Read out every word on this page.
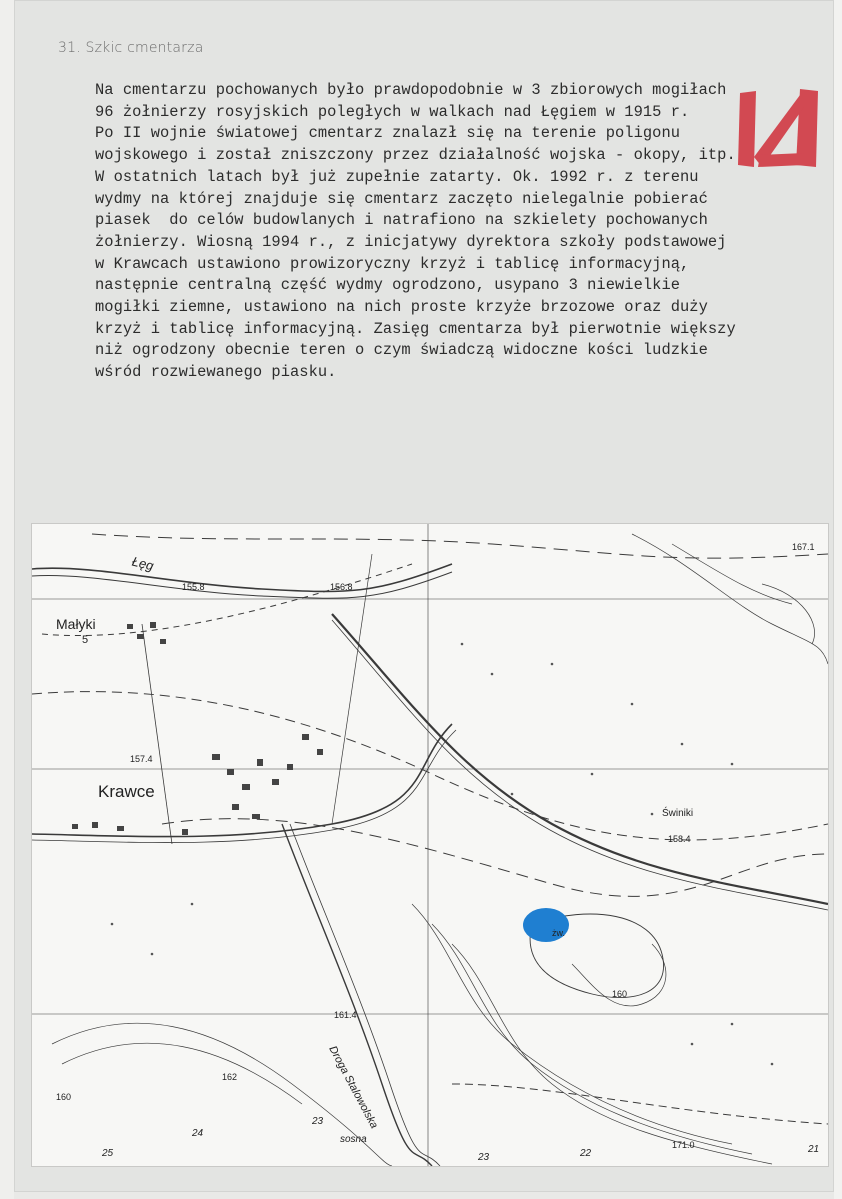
31. Szkic cmentarza
Na cmentarzu pochowanych było prawdopodobnie w 3 zbiorowych mogiłach
96 żołnierzy rosyjskich poległych w walkach nad Łęgiem w 1915 r.
Po II wojnie światowej cmentarz znalazł się na terenie poligonu
wojskowego i został zniszczony przez działalność wojska - okopy, itp.
W ostatnich latach był już zupełnie zatarty. Ok. 1992 r. z terenu
wydmy na której znajduje się cmentarz zaczęto nielegalnie pobierać
piasek  do celów budowlanych i natrafiono na szkielety pochowanych
żołnierzy. Wiosną 1994 r., z inicjatywy dyrektora szkoły podstawowej
w Krawcach ustawiono prowizoryczny krzyż i tablicę informacyjną,
następnie centralną część wydmy ogrodzono, usypano 3 niewielkie
mogiłki ziemne, ustawiono na nich proste krzyże brzozowe oraz duży
krzyż i tablicę informacyjną. Zasięg cmentarza był pierwotnie większy
niż ogrodzony obecnie teren o czym świadczą widoczne kości ludzkie
wśród rozwiewanego piasku.
Łęg
Małyki
5
Krawce
Świniki
Droga Stalowolska
sosna
żw.
155.8	156.8
157.4
158.4
161.4
167.1
162
160
171.0
160
23
24
25	23	22	21
